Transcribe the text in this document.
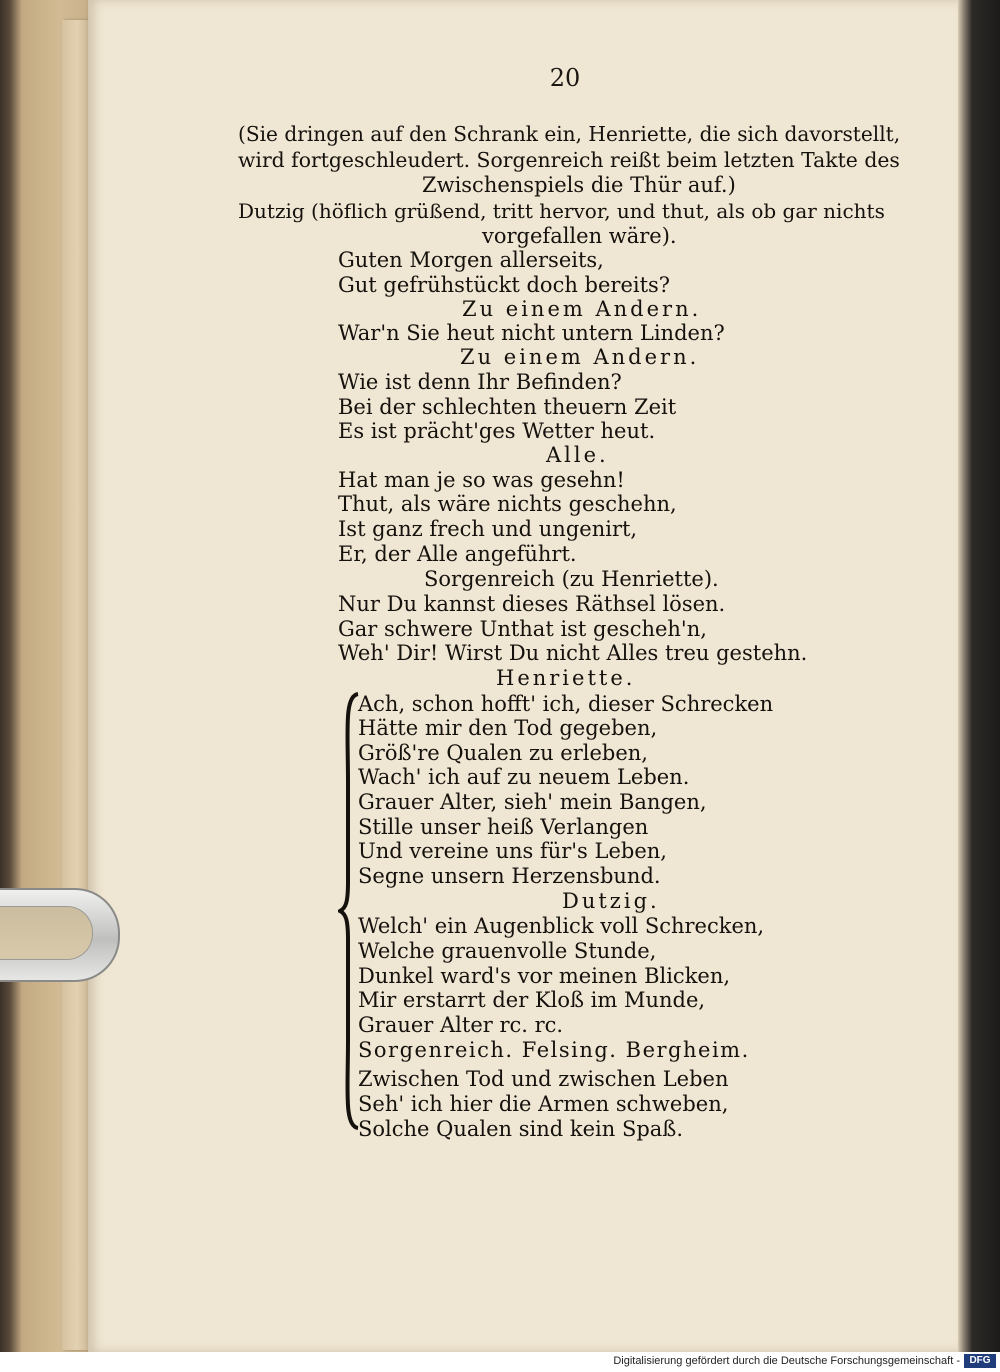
20
(Sie dringen auf den Schrank ein, Henriette, die sich davorstellt,
wird fortgeschleudert. Sorgenreich reißt beim letzten Takte des
Zwischenspiels die Thür auf.)
Dutzig (höflich grüßend, tritt hervor, und thut, als ob gar nichts
vorgefallen wäre).
Guten Morgen allerseits,
Gut gefrühstückt doch bereits?
Zu einem Andern.
War'n Sie heut nicht untern Linden?
Zu einem Andern.
Wie ist denn Ihr Befinden?
Bei der schlechten theuern Zeit
Es ist prächt'ges Wetter heut.
Alle.
Hat man je so was gesehn!
Thut, als wäre nichts geschehn,
Ist ganz frech und ungenirt,
Er, der Alle angeführt.
Sorgenreich (zu Henriette).
Nur Du kannst dieses Räthsel lösen.
Gar schwere Unthat ist gescheh'n,
Weh' Dir! Wirst Du nicht Alles treu gestehn.
Henriette.
Ach, schon hofft' ich, dieser Schrecken
Hätte mir den Tod gegeben,
Größ're Qualen zu erleben,
Wach' ich auf zu neuem Leben.
Grauer Alter, sieh' mein Bangen,
Stille unser heiß Verlangen
Und vereine uns für's Leben,
Segne unsern Herzensbund.
Dutzig.
Welch' ein Augenblick voll Schrecken,
Welche grauenvolle Stunde,
Dunkel ward's vor meinen Blicken,
Mir erstarrt der Kloß im Munde,
Grauer Alter rc. rc.
Sorgenreich. Felsing. Bergheim.
Zwischen Tod und zwischen Leben
Seh' ich hier die Armen schweben,
Solche Qualen sind kein Spaß.
Digitalisierung gefördert durch die Deutsche Forschungsgemeinschaft - DFG
